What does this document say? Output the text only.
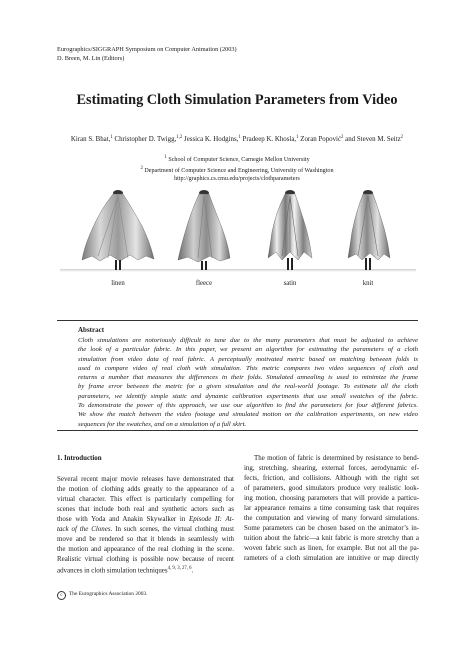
Eurographics/SIGGRAPH Symposium on Computer Animation (2003)
D. Breen, M. Lin (Editors)
Estimating Cloth Simulation Parameters from Video
Kiran S. Bhat,$^1$ Christopher D. Twigg,$^{1,2}$ Jessica K. Hodgins,$^1$ Pradeep K. Khosla,$^1$ Zoran Popović$^2$ and Steven M. Seitz$^2$
$^1$ School of Computer Science, Carnegie Mellon University
$^2$ Department of Computer Science and Engineering, University of Washington
http://graphics.cs.cmu.edu/projects/clothparameters
linen	fleece	satin	knit
Abstract
Cloth simulations are notoriously difficult to tune due to the many parameters that must be adjusted to achieve
the look of a particular fabric. In this paper, we present an algorithm for estimating the parameters of a cloth
simulation from video data of real fabric. A perceptually motivated metric based on matching between folds is
used to compare video of real cloth with simulation. This metric compares two video sequences of cloth and
returns a number that measures the differences in their folds. Simulated annealing is used to minimize the frame
by frame error between the metric for a given simulation and the real-world footage. To estimate all the cloth
parameters, we identify simple static and dynamic calibration experiments that use small swatches of the fabric.
To demonstrate the power of this approach, we use our algorithm to find the parameters for four different fabrics.
We show the match between the video footage and simulated motion on the calibration experiments, on new video
sequences for the swatches, and on a simulation of a full skirt.
1. Introduction
Several recent major movie releases have demonstrated that
the motion of clothing adds greatly to the appearance of a
virtual character. This effect is particularly compelling for
scenes that include both real and synthetic actors such as
those with Yoda and Anakin Skywalker in Episode II: At-
tack of the Clones. In such scenes, the virtual clothing must
move and be rendered so that it blends in seamlessly with
the motion and appearance of the real clothing in the scene.
Realistic virtual clothing is possible now because of recent
advances in cloth simulation techniques$^{4, 9, 3, 27, 6}$.
The motion of fabric is determined by resistance to bend-
ing, stretching, shearing, external forces, aerodynamic ef-
fects, friction, and collisions. Although with the right set
of parameters, good simulators produce very realistic look-
ing motion, choosing parameters that will provide a particu-
lar appearance remains a time consuming task that requires
the computation and viewing of many forward simulations.
Some parameters can be chosen based on the animator’s in-
tuition about the fabric—a knit fabric is more stretchy than a
woven fabric such as linen, for example. But not all the pa-
rameters of a cloth simulation are intuitive or map directly
c The Eurographics Association 2003.
